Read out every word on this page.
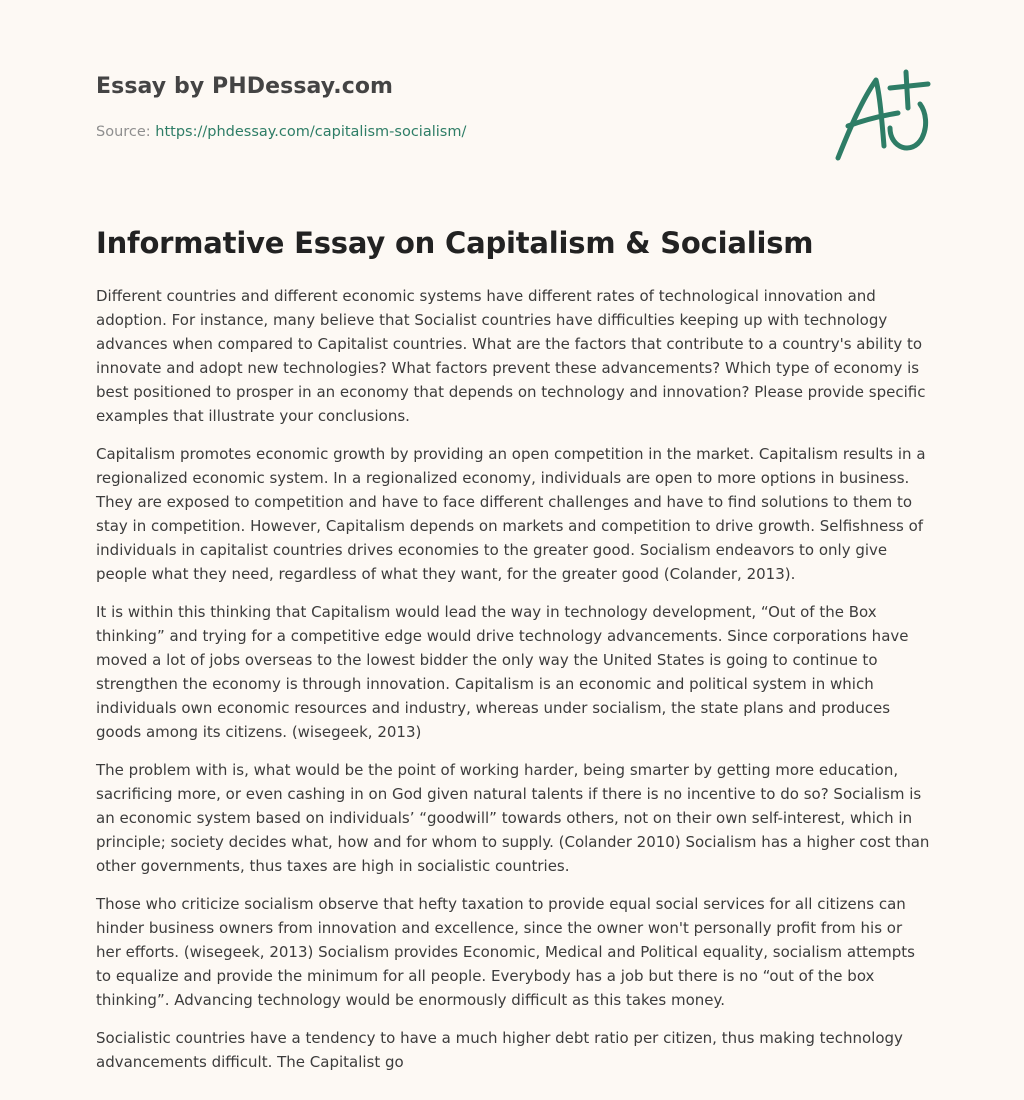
Essay by PHDessay.com
Source: https://phdessay.com/capitalism-socialism/
Informative Essay on Capitalism & Socialism

Different countries and different economic systems have different rates of technological innovation and adoption. For instance, many believe that Socialist countries have difficulties keeping up with technology advances when compared to Capitalist countries. What are the factors that contribute to a country's ability to innovate and adopt new technologies? What factors prevent these advancements? Which type of economy is best positioned to prosper in an economy that depends on technology and innovation? Please provide specific examples that illustrate your conclusions.

Capitalism promotes economic growth by providing an open competition in the market. Capitalism results in a regionalized economic system. In a regionalized economy, individuals are open to more options in business. They are exposed to competition and have to face different challenges and have to find solutions to them to stay in competition. However, Capitalism depends on markets and competition to drive growth. Selfishness of individuals in capitalist countries drives economies to the greater good. Socialism endeavors to only give people what they need, regardless of what they want, for the greater good (Colander, 2013).

It is within this thinking that Capitalism would lead the way in technology development, “Out of the Box thinking” and trying for a competitive edge would drive technology advancements. Since corporations have moved a lot of jobs overseas to the lowest bidder the only way the United States is going to continue to strengthen the economy is through innovation. Capitalism is an economic and political system in which individuals own economic resources and industry, whereas under socialism, the state plans and produces goods among its citizens. (wisegeek, 2013)

The problem with is, what would be the point of working harder, being smarter by getting more education, sacrificing more, or even cashing in on God given natural talents if there is no incentive to do so? Socialism is an economic system based on individuals’ “goodwill” towards others, not on their own self-interest, which in principle; society decides what, how and for whom to supply. (Colander 2010) Socialism has a higher cost than other governments, thus taxes are high in socialistic countries.

Those who criticize socialism observe that hefty taxation to provide equal social services for all citizens can hinder business owners from innovation and excellence, since the owner won't personally profit from his or her efforts. (wisegeek, 2013) Socialism provides Economic, Medical and Political equality, socialism attempts to equalize and provide the minimum for all people. Everybody has a job but there is no “out of the box thinking”. Advancing technology would be enormously difficult as this takes money.

Socialistic countries have a tendency to have a much higher debt ratio per citizen, thus making technology advancements difficult. The Capitalist go
